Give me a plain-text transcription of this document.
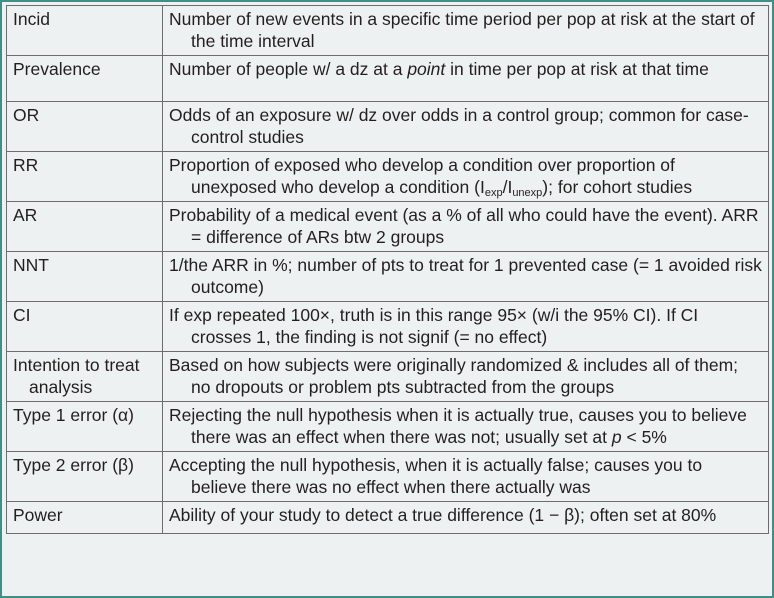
Incid	Number of new events in a specific time period per pop at risk at the start of the time interval

Prevalence	Number of people w/ a dz at a point in time per pop at risk at that time

OR	Odds of an exposure w/ dz over odds in a control group; common for case-control studies

RR	Proportion of exposed who develop a condition over proportion of unexposed who develop a condition $(I_{exp}/I_{unexp})$; for cohort studies

AR	Probability of a medical event (as a % of all who could have the event). ARR = difference of ARs btw 2 groups

NNT	1/the ARR in %; number of pts to treat for 1 prevented case (= 1 avoided risk outcome)

CI	If exp repeated 100×, truth is in this range 95× (w/i the 95% CI). If CI crosses 1, the finding is not signif (= no effect)

Intention to treat analysis	Based on how subjects were originally randomized & includes all of them; no dropouts or problem pts subtracted from the groups

Type 1 error (α)	Rejecting the null hypothesis when it is actually true, causes you to believe there was an effect when there was not; usually set at p < 5%

Type 2 error (β)	Accepting the null hypothesis, when it is actually false; causes you to believe there was no effect when there actually was

Power	Ability of your study to detect a true difference (1 − β); often set at 80%
